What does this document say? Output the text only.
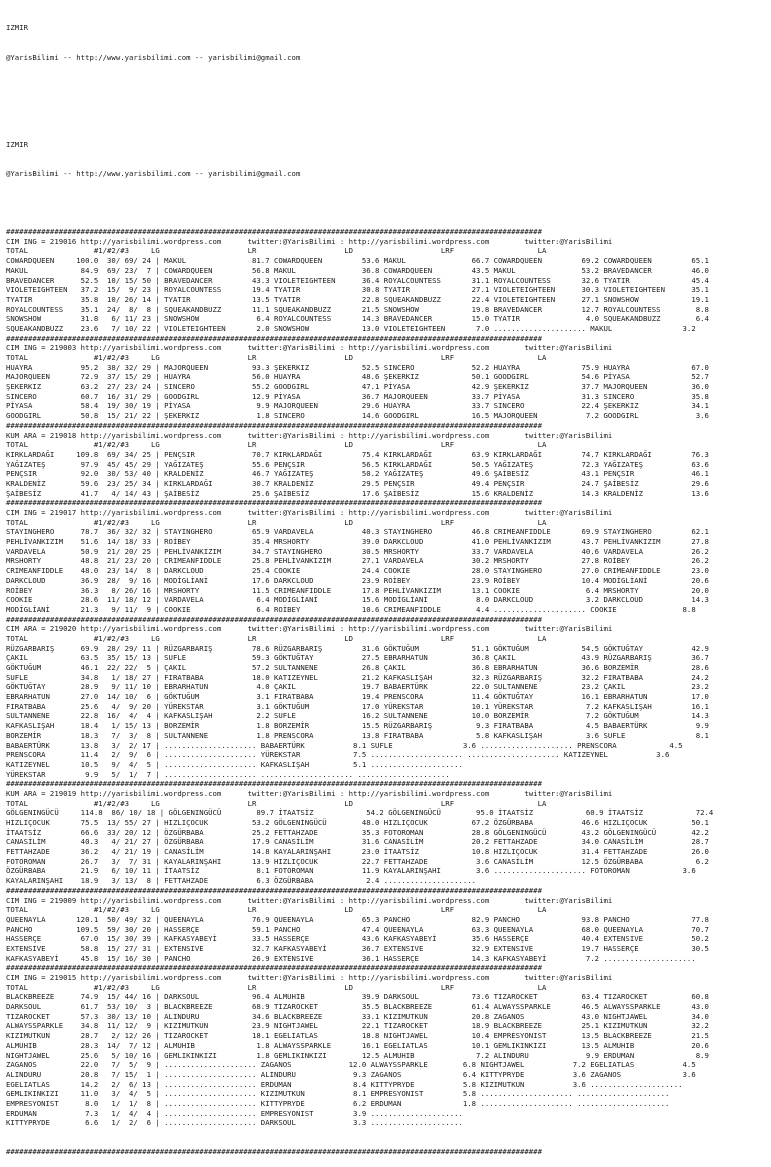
IZMIR

@YarisBilimi -- http://www.yarisbilimi.com -- yarisbilimi@gmail.com

IZMIR

@YarisBilimi -- http://www.yarisbilimi.com -- yarisbilimi@gmail.com

##########################################################################################################################
CIM ING = 219016 http://yarisbilimi.wordpress.com      twitter:@YarisBilimi : http://yarisbilimi.wordpress.com        twitter:@YarisBilimi
TOTAL               #1/#2/#3     LG                    LR                    LD                    LRF                   LA
COWARDQUEEN     100.0  30/ 69/ 24 | MAKUL               81.7 COWARDQUEEN         53.6 MAKUL               66.7 COWARDQUEEN         69.2 COWARDQUEEN         65.1
MAKUL            84.9  69/ 23/  7 | COWARDQUEEN         56.8 MAKUL               36.8 COWARDQUEEN         43.5 MAKUL               53.2 BRAVEDANCER         46.0
BRAVEDANCER      52.5  10/ 15/ 50 | BRAVEDANCER         43.3 VIOLETEIGHTEEN      36.4 ROYALCOUNTESS       31.1 ROYALCOUNTESS       32.6 TYATIR              45.4
VIOLETEIGHTEEN   37.2  15/  9/ 23 | ROYALCOUNTESS       19.4 TYATIR              30.8 TYATIR              27.1 VIOLETEIGHTEEN      30.3 VIOLETEIGHTEEN      35.1
TYATIR           35.8  10/ 26/ 14 | TYATIR              13.5 TYATIR              22.8 SQUEAKANDBUZZ       22.4 VIOLETEIGHTEEN      27.1 SNOWSHOW            19.1
ROYALCOUNTESS    35.1  24/  8/  8 | SQUEAKANDBUZZ       11.1 SQUEAKANDBUZZ       21.5 SNOWSHOW            19.8 BRAVEDANCER         12.7 ROYALCOUNTESS        8.8
SNOWSHOW         31.8   6/ 11/ 23 | SNOWSHOW             6.4 ROYALCOUNTESS       14.3 BRAVEDANCER         15.0 TYATIR               4.0 SQUEAKANDBUZZ        6.4
SQUEAKANDBUZZ    23.6   7/ 10/ 22 | VIOLETEIGHTEEN       2.0 SNOWSHOW            13.0 VIOLETEIGHTEEN       7.0 ..................... MAKUL                3.2
##########################################################################################################################
CIM ING = 219003 http://yarisbilimi.wordpress.com      twitter:@YarisBilimi : http://yarisbilimi.wordpress.com        twitter:@YarisBilimi
TOTAL               #1/#2/#3     LG                    LR                    LD                    LRF                   LA
HUAYRA           95.2  38/ 32/ 29 | MAJORQUEEN          93.3 ŞEKERKIZ            52.5 SINCERO             52.2 HUAYRA              75.9 HUAYRA              67.0
MAJORQUEEN       72.9  37/ 15/ 29 | HUAYRA              56.0 HUAYRA              48.6 ŞEKERKIZ            50.1 GOODGIRL            54.6 PİYASA              52.7
ŞEKERKIZ         63.2  27/ 23/ 24 | SINCERO             55.2 GOODGIRL            47.1 PİYASA              42.9 ŞEKERKIZ            37.7 MAJORQUEEN          36.0
SINCERO          60.7  16/ 31/ 29 | GOODGIRL            12.9 PİYASA              36.7 MAJORQUEEN          33.7 PİYASA              31.3 SINCERO             35.8
PİYASA           58.4  19/ 30/ 19 | PİYASA               9.9 MAJORQUEEN          29.6 HUAYRA              33.7 SINCERO             22.4 ŞEKERKIZ            34.1
GOODGIRL         50.8  15/ 21/ 22 | ŞEKERKIZ             1.8 SINCERO             14.6 GOODGIRL            16.5 MAJORQUEEN           7.2 GOODGIRL             3.6
##########################################################################################################################
KUM ARA = 219018 http://yarisbilimi.wordpress.com      twitter:@YarisBilimi : http://yarisbilimi.wordpress.com        twitter:@YarisBilimi
TOTAL               #1/#2/#3     LG                    LR                    LD                    LRF                   LA
KIRKLARDAĞI     109.8  69/ 34/ 25 | PENÇSIR             70.7 KIRKLARDAĞI         75.4 KIRKLARDAĞI         63.9 KIRKLARDAĞI         74.7 KIRKLARDAĞI         76.3
YAĞIZATEŞ        97.9  45/ 45/ 29 | YAĞIZATEŞ           55.6 PENÇSIR             56.5 KIRKLARDAĞI         50.5 YAĞIZATEŞ           72.3 YAĞIZATEŞ           63.6
PENÇSIR          92.0  30/ 53/ 40 | KRALDENİZ           46.7 YAĞIZATEŞ           50.2 YAĞIZATEŞ           49.6 ŞAİBESİZ            43.1 PENÇSIR             46.1
KRALDENİZ        59.6  23/ 25/ 34 | KIRKLARDAĞI         30.7 KRALDENİZ           29.5 PENÇSIR             49.4 PENÇSIR             24.7 ŞAİBESİZ            29.6
ŞAİBESİZ         41.7   4/ 14/ 43 | ŞAİBESİZ            25.6 ŞAİBESİZ            17.6 ŞAİBESİZ            15.6 KRALDENİZ           14.3 KRALDENİZ           13.6
##########################################################################################################################
CIM ING = 219017 http://yarisbilimi.wordpress.com      twitter:@YarisBilimi : http://yarisbilimi.wordpress.com        twitter:@YarisBilimi
TOTAL               #1/#2/#3     LG                    LR                    LD                    LRF                   LA
STAYINGHERO      78.7  36/ 32/ 32 | STAYINGHERO         65.9 VARDAVELA           40.3 STAYINGHERO         46.8 CRIMEANFIDDLE       69.9 STAYINGHERO         62.1
PEHLİVANKIZIM    51.6  14/ 18/ 33 | ROİBEY              35.4 MRSHORTY            39.0 DARKCLOUD           41.0 PEHLİVANKIZIM       43.7 PEHLİVANKIZIM       27.8
VARDAVELA        50.9  21/ 20/ 25 | PEHLİVANKIZIM       34.7 STAYINGHERO         30.5 MRSHORTY            33.7 VARDAVELA           40.6 VARDAVELA           26.2
MRSHORTY         48.8  21/ 23/ 20 | CRIMEANFIDDLE       25.8 PEHLİVANKIZIM       27.1 VARDAVELA           30.2 MRSHORTY            27.8 ROİBEY              26.2
CRIMEANFIDDLE    48.0  23/ 14/  8 | DARKCLOUD           25.4 COOKIE              24.4 COOKIE              28.0 STAYINGHERO         27.0 CRIMEANFIDDLE       23.0
DARKCLOUD        36.9  28/  9/ 16 | MODİGLİANİ          17.6 DARKCLOUD           23.9 ROİBEY              23.9 ROİBEY              10.4 MODİGLİANİ          20.6
ROİBEY           36.3   8/ 26/ 16 | MRSHORTY            11.5 CRIMEANFIDDLE       17.8 PEHLİVANKIZIM       13.1 COOKIE               6.4 MRSHORTY            20.0
COOKIE           28.6  11/ 18/ 12 | VARDAVELA            6.4 MODİGLİANİ          15.6 MODİGLİANİ           8.0 DARKCLOUD            3.2 DARKCLOUD           14.3
MODİGLİANİ       21.3   9/ 11/  9 | COOKIE               6.4 ROİBEY              10.6 CRIMEANFIDDLE        4.4 ..................... COOKIE               8.8
##########################################################################################################################
CIM ARA = 219020 http://yarisbilimi.wordpress.com      twitter:@YarisBilimi : http://yarisbilimi.wordpress.com        twitter:@YarisBilimi
TOTAL               #1/#2/#3     LG                    LR                    LD                    LRF                   LA
RÜZGARBARIŞ      69.9  28/ 29/ 11 | RÜZGARBARIŞ         78.6 RÜZGARBARIŞ         31.6 GÖKTUĞUM            51.1 GÖKTUĞUM            54.5 GÖKTUĞTAY           42.9
ÇAKIL            63.5  35/ 15/ 13 | SUFLE               59.3 GÖKTUĞTAY           27.5 EBRARHATUN          36.8 ÇAKIL               43.9 RÜZGARBARIŞ         36.7
GÖKTUĞUM         46.1  22/ 22/  5 | ÇAKIL               57.2 SULTANNENE          26.8 ÇAKIL               36.8 EBRARHATUN          36.6 BORZEMİR            28.6
SUFLE            34.8   1/ 18/ 27 | FIRATBABA           18.0 KATIZEYNEL          21.2 KAFKASLIŞAH         32.3 RÜZGARBARIŞ         32.2 FIRATBABA           24.2
GÖKTUĞTAY        28.9   9/ 11/ 10 | EBRARHATUN           4.0 ÇAKIL               19.7 BABAERTÜRK          22.0 SULTANNENE          23.2 ÇAKIL               23.2
EBRARHATUN       27.0  14/ 10/  6 | GÖKTUĞUM             3.1 FIRATBABA           19.4 PRENSCORA           11.4 GÖKTUĞTAY           16.1 EBRARHATUN          17.0
FIRATBABA        25.6   4/  9/ 20 | YÜREKSTAR            3.1 GÖKTUĞUM            17.0 YÜREKSTAR           10.1 YÜREKSTAR            7.2 KAFKASLIŞAH         16.1
SULTANNENE       22.8  16/  4/  4 | KAFKASLIŞAH          2.2 SUFLE               16.2 SULTANNENE          10.0 BORZEMİR             7.2 GÖKTUĞUM            14.3
KAFKASLIŞAH      18.4   1/ 15/ 13 | BORZEMİR             1.8 BORZEMİR            15.5 RÜZGARBARIŞ          9.3 FIRATBABA            4.5 BABAERTÜRK           9.9
BORZEMİR         18.3   7/  3/  8 | SULTANNENE           1.8 PRENSCORA           13.8 FIRATBABA            5.8 KAFKASLIŞAH          3.6 SUFLE                8.1
BABAERTÜRK       13.8   3/  2/ 17 | ..................... BABAERTÜRK           8.1 SUFLE                3.6 ..................... PRENSCORA            4.5
PRENSCORA        11.4   2/  9/  6 | ..................... YÜREKSTAR            7.5 ..................... ..................... KATIZEYNEL           3.6
KATIZEYNEL       10.5   9/  4/  5 | ..................... KAFKASLIŞAH          5.1 .....................
YÜREKSTAR         9.9   5/  1/  7 | ..................... ..................... .....................
##########################################################################################################################
KUM ARA = 219019 http://yarisbilimi.wordpress.com      twitter:@YarisBilimi : http://yarisbilimi.wordpress.com        twitter:@YarisBilimi
TOTAL               #1/#2/#3     LG                    LR                    LD                    LRF                   LA
GÖLGENINGÜCÜ     114.8  86/ 10/ 18 | GÖLGENINGÜCÜ        89.7 İTAATSİZ            54.2 GÖLGENINGÜCÜ        95.0 İTAATSİZ            60.9 İTAATSİZ            72.4
HIZLIÇOCUK       75.5  13/ 55/ 27 | HIZLIÇOCUK          53.2 GÖLGENINGÜCÜ        48.0 HIZLIÇOCUK          67.2 ÖZGÜRBABA           46.6 HIZLIÇOCUK          50.1
İTAATSİZ         66.6  33/ 20/ 12 | ÖZGÜRBABA           25.2 FETTAHZADE          35.3 FOTOROMAN           28.8 GÖLGENINGÜCÜ        43.2 GÖLGENINGÜCÜ        42.2
CANASİLİM        40.3   4/ 21/ 27 | ÖZGÜRBABA           17.9 CANASİLİM           31.6 CANASİLİM           20.2 FETTAHZADE          34.0 CANASİLİM           28.7
FETTAHZADE       36.2   4/ 21/ 19 | CANASİLİM           14.8 KAYALARINŞAHI       23.0 İTAATSİZ            10.8 HIZLIÇOCUK          31.4 FETTAHZADE          26.0
FOTOROMAN        26.7   3/  7/ 31 | KAYALARINŞAHI       13.9 HIZLIÇOCUK          22.7 FETTAHZADE           3.6 CANASİLİM           12.5 ÖZGÜRBABA            6.2
ÖZGÜRBABA        21.9   6/ 10/ 11 | İTAATSİZ             8.1 FOTOROMAN           11.9 KAYALARINŞAHI        3.6 ..................... FOTOROMAN            3.6
KAYALARINŞAHI    18.9   3/ 13/  8 | FETTAHZADE           6.3 ÖZGÜRBABA            2.4 .....................
##########################################################################################################################
CIM ING = 219009 http://yarisbilimi.wordpress.com      twitter:@YarisBilimi : http://yarisbilimi.wordpress.com        twitter:@YarisBilimi
TOTAL               #1/#2/#3     LG                    LR                    LD                    LRF                   LA
QUEENAYLA       120.1  50/ 49/ 32 | QUEENAYLA           76.9 QUEENAYLA           65.3 PANCHO              82.9 PANCHO              93.8 PANCHO              77.8
PANCHO          109.5  59/ 30/ 20 | HASSERÇE            59.1 PANCHO              47.4 QUEENAYLA           63.3 QUEENAYLA           68.0 QUEENAYLA           70.7
HASSERÇE         67.0  15/ 30/ 39 | KAFKASYABEYİ        33.5 HASSERÇE            43.6 KAFKASYABEYİ        35.6 HASSERÇE            40.4 EXTENSIVE           50.2
EXTENSIVE        58.8  15/ 27/ 31 | EXTENSIVE           32.7 KAFKASYABEYİ        36.7 EXTENSIVE           32.9 EXTENSIVE           19.7 HASSERÇE            30.5
KAFKASYABEYİ     45.8  15/ 16/ 30 | PANCHO              26.9 EXTENSIVE           36.1 HASSERÇE            14.3 KAFKASYABEYİ         7.2 .....................
##########################################################################################################################
CIM ING = 219015 http://yarisbilimi.wordpress.com      twitter:@YarisBilimi : http://yarisbilimi.wordpress.com        twitter:@YarisBilimi
TOTAL               #1/#2/#3     LG                    LR                    LD                    LRF                   LA
BLACKBREEZE      74.9  15/ 44/ 16 | DARKSOUL            96.4 ALMUHIB             39.9 DARKSOUL            73.6 TIZAROCKET          63.4 TIZAROCKET          60.8
DARKSOUL         61.7  53/ 10/  3 | BLACKBREEZE         68.9 TIZAROCKET          35.5 BLACKBREEZE         61.4 ALWAYSSPARKLE       46.5 ALWAYSSPARKLE       43.0
TIZAROCKET       57.3  30/ 13/ 10 | ALINDURU            34.6 BLACKBREEZE         33.1 KIZIMUTKUN          20.8 ZAGANOS             43.0 NIGHTJAWEL          34.0
ALWAYSSPARKLE    34.8  11/ 12/  9 | KIZIMUTKUN          23.9 NIGHTJAWEL          22.1 TIZAROCKET          18.9 BLACKBREEZE         25.1 KIZIMUTKUN          32.2
KIZIMUTKUN       28.7   2/ 12/ 26 | TIZAROCKET          18.1 EGELIATLAS          18.8 NIGHTJAWEL          10.4 EMPRESYONIST        13.5 BLACKBREEZE         21.5
ALMUHIB          28.3  14/  7/ 12 | ALMUHIB              1.8 ALWAYSSPARKLE       16.1 EGELIATLAS          10.1 GEMLIKINKIZI        13.5 ALMUHIB             20.6
NIGHTJAWEL       25.6   5/ 10/ 16 | GEMLIKINKIZI         1.8 GEMLIKINKIZI        12.5 ALMUHIB              7.2 ALINDURU             9.9 ERDUMAN              8.9
ZAGANOS          22.0   7/  5/  9 | ..................... ZAGANOS             12.0 ALWAYSSPARKLE        6.8 NIGHTJAWEL           7.2 EGELIATLAS           4.5
ALINDURU         20.8   7/ 15/  1 | ..................... ALINDURU             9.3 ZAGANOS              6.4 KITTYPRYDE           3.6 ZAGANOS              3.6
EGELIATLAS       14.2   2/  6/ 13 | ..................... ERDUMAN              8.4 KITTYPRYDE           5.8 KIZIMUTKUN           3.6 .....................
GEMLIKINKIZI     11.0   3/  4/  5 | ..................... KIZIMUTKUN           8.1 EMPRESYONIST         5.8 ..................... .....................
EMPRESYONIST      8.0   1/  1/  8 | ..................... KITTYPRYDE           6.2 ERDUMAN              1.8 ..................... .....................
ERDUMAN           7.3   1/  4/  4 | ..................... EMPRESYONIST         3.9 .....................
KITTYPRYDE        6.6   1/  2/  6 | ..................... DARKSOUL             3.3 .....................

##########################################################################################################################
